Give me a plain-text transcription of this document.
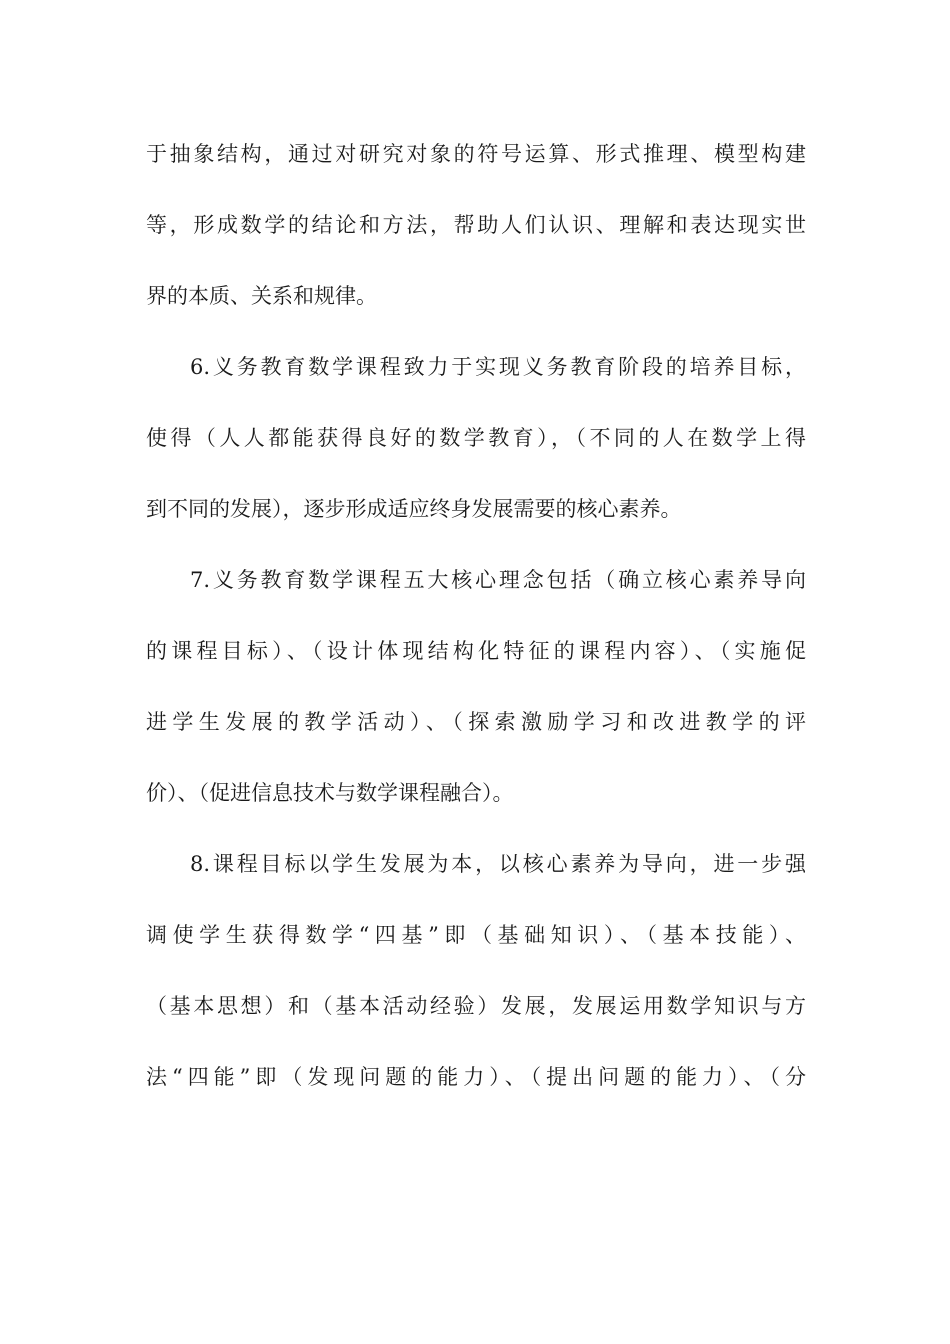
于抽象结构，通过对研究对象的符号运算、形式推理、模型构建
等，形成数学的结论和方法，帮助人们认识、理解和表达现实世
界的本质、关系和规律。
6.义务教育数学课程致力于实现义务教育阶段的培养目标，
使得（人人都能获得良好的数学教育），（不同的人在数学上得
到不同的发展），逐步形成适应终身发展需要的核心素养。
7.义务教育数学课程五大核心理念包括（确立核心素养导向
的课程目标）、（设计体现结构化特征的课程内容）、（实施促
进学生发展的教学活动）、（探索激励学习和改进教学的评
价）、（促进信息技术与数学课程融合）。
8.课程目标以学生发展为本，以核心素养为导向，进一步强
调使学生获得数学“四基”即（基础知识）、（基本技能）、
（基本思想）和（基本活动经验）发展，发展运用数学知识与方
法“四能”即（发现问题的能力）、（提出问题的能力）、（分
